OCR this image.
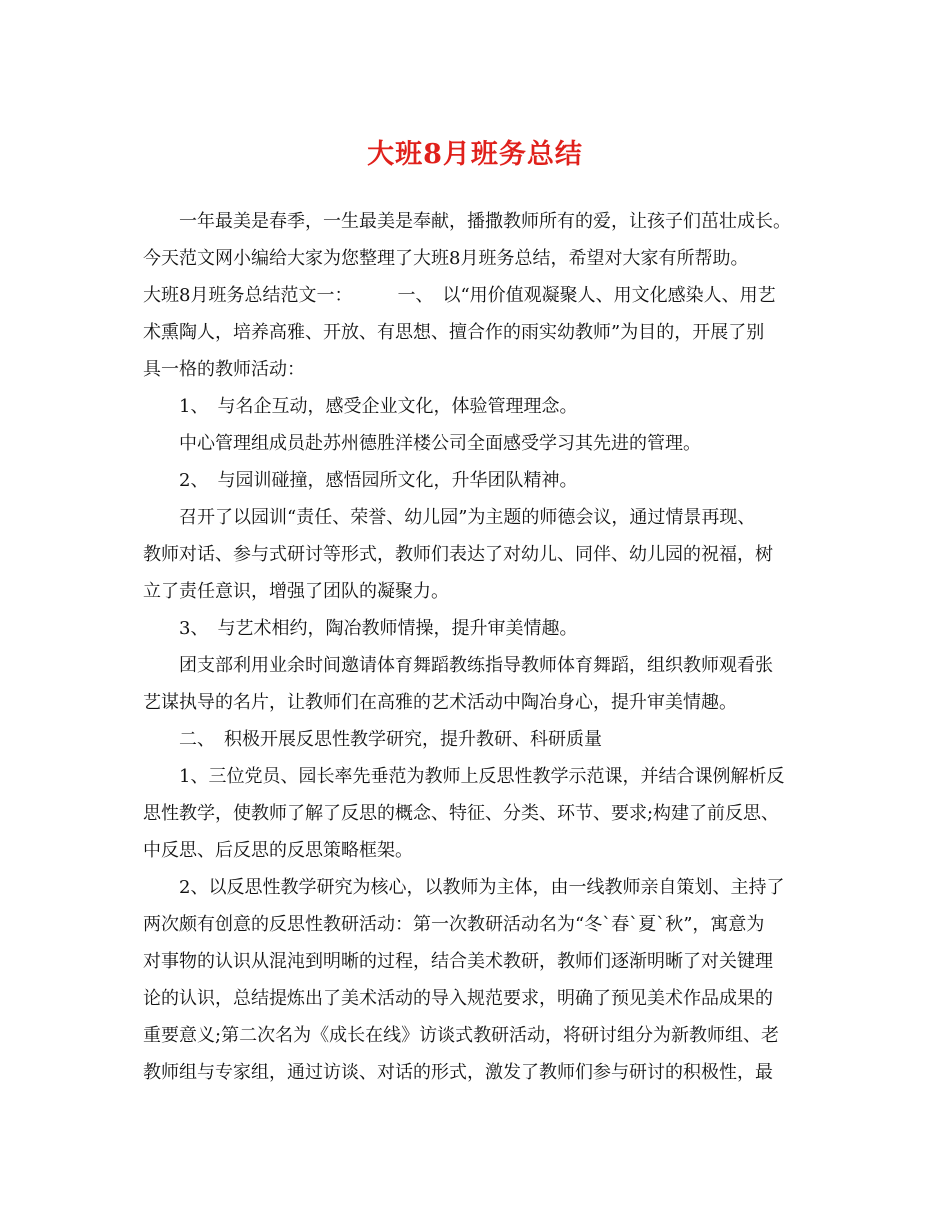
大班8月班务总结
　　一年最美是春季，一生最美是奉献，播撒教师所有的爱，让孩子们茁壮成长。
今天范文网小编给大家为您整理了大班8月班务总结，希望对大家有所帮助。
大班8月班务总结范文一：　　　一、　以“用价值观凝聚人、用文化感染人、用艺
术熏陶人，培养高雅、开放、有思想、擅合作的雨实幼教师”为目的，开展了别
具一格的教师活动：
　　1、　与名企互动，感受企业文化，体验管理理念。
　　中心管理组成员赴苏州德胜洋楼公司全面感受学习其先进的管理。
　　2、　与园训碰撞，感悟园所文化，升华团队精神。
　　召开了以园训“责任、荣誉、幼儿园”为主题的师德会议，通过情景再现、
教师对话、参与式研讨等形式，教师们表达了对幼儿、同伴、幼儿园的祝福，树
立了责任意识，增强了团队的凝聚力。
　　3、　与艺术相约，陶冶教师情操，提升审美情趣。
　　团支部利用业余时间邀请体育舞蹈教练指导教师体育舞蹈，组织教师观看张
艺谋执导的名片，让教师们在高雅的艺术活动中陶冶身心，提升审美情趣。
　　二、　积极开展反思性教学研究，提升教研、科研质量
　　1、三位党员、园长率先垂范为教师上反思性教学示范课，并结合课例解析反
思性教学，使教师了解了反思的概念、特征、分类、环节、要求;构建了前反思、
中反思、后反思的反思策略框架。
　　2、以反思性教学研究为核心，以教师为主体，由一线教师亲自策划、主持了
两次颇有创意的反思性教研活动：第一次教研活动名为“冬`春`夏`秋”，寓意为
对事物的认识从混沌到明晰的过程，结合美术教研，教师们逐渐明晰了对关键理
论的认识，总结提炼出了美术活动的导入规范要求，明确了预见美术作品成果的
重要意义;第二次名为《成长在线》访谈式教研活动，将研讨组分为新教师组、老
教师组与专家组，通过访谈、对话的形式，激发了教师们参与研讨的积极性，最
